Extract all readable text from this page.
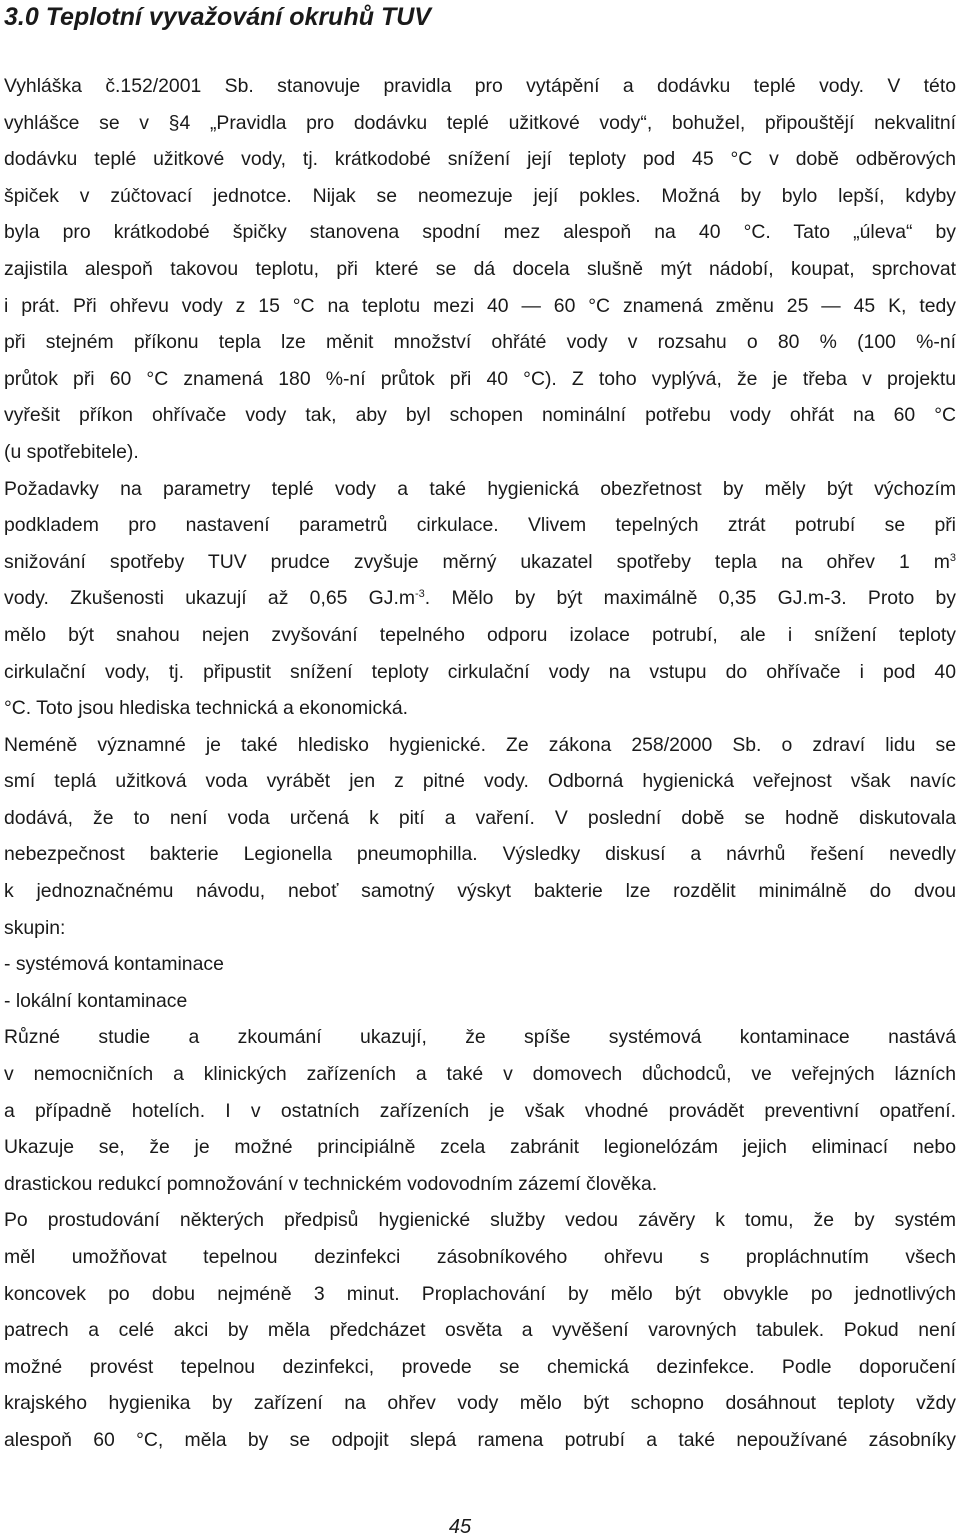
3.0 Teplotní vyvažování okruhů TUV

Vyhláška č.152/2001 Sb. stanovuje pravidla pro vytápění a dodávku teplé vody. V této
vyhlášce se v §4 „Pravidla pro dodávku teplé užitkové vody“, bohužel, připouštějí nekvalitní
dodávku teplé užitkové vody, tj. krátkodobé snížení její teploty pod 45 °C v době odběrových
špiček v zúčtovací jednotce. Nijak se neomezuje její pokles. Možná by bylo lepší, kdyby
byla pro krátkodobé špičky stanovena spodní mez alespoň na 40 °C. Tato „úleva“ by
zajistila alespoň takovou teplotu, při které se dá docela slušně mýt nádobí, koupat, sprchovat
i prát. Při ohřevu vody z 15 °C na teplotu mezi 40 — 60 °C znamená změnu 25 — 45 K, tedy
při stejném příkonu tepla lze měnit množství ohřáté vody v rozsahu o 80 % (100 %-ní
průtok při 60 °C znamená 180 %-ní průtok při 40 °C). Z toho vyplývá, že je třeba v projektu
vyřešit příkon ohřívače vody tak, aby byl schopen nominální potřebu vody ohřát na 60 °C
(u spotřebitele).

Požadavky na parametry teplé vody a také hygienická obezřetnost by měly být výchozím
podkladem pro nastavení parametrů cirkulace. Vlivem tepelných ztrát potrubí se při
snižování spotřeby TUV prudce zvyšuje měrný ukazatel spotřeby tepla na ohřev 1 $m^3$
vody. Zkušenosti ukazují až 0,65 $GJ.m^{-3}$. Mělo by být maximálně 0,35 GJ.m-3. Proto by
mělo být snahou nejen zvyšování tepelného odporu izolace potrubí, ale i snížení teploty
cirkulační vody, tj. připustit snížení teploty cirkulační vody na vstupu do ohřívače i pod 40
°C. Toto jsou hlediska technická a ekonomická.

Neméně významné je také hledisko hygienické. Ze zákona 258/2000 Sb. o zdraví lidu se
smí teplá užitková voda vyrábět jen z pitné vody. Odborná hygienická veřejnost však navíc
dodává, že to není voda určená k pití a vaření. V poslední době se hodně diskutovala
nebezpečnost bakterie Legionella pneumophilla. Výsledky diskusí a návrhů řešení nevedly
k jednoznačnému návodu, neboť samotný výskyt bakterie lze rozdělit minimálně do dvou
skupin:

- systémová kontaminace

- lokální kontaminace

Různé studie a zkoumání ukazují, že spíše systémová kontaminace nastává
v nemocničních a klinických zařízeních a také v domovech důchodců, ve veřejných lázních
a případně hotelích. I v ostatních zařízeních je však vhodné provádět preventivní opatření.
Ukazuje se, že je možné principiálně zcela zabránit legionelózám jejich eliminací nebo
drastickou redukcí pomnožování v technickém vodovodním zázemí člověka.

Po prostudování některých předpisů hygienické služby vedou závěry k tomu, že by systém
měl umožňovat tepelnou dezinfekci zásobníkového ohřevu s propláchnutím všech
koncovek po dobu nejméně 3 minut. Proplachování by mělo být obvykle po jednotlivých
patrech a celé akci by měla předcházet osvěta a vyvěšení varovných tabulek. Pokud není
možné provést tepelnou dezinfekci, provede se chemická dezinfekce. Podle doporučení
krajského hygienika by zařízení na ohřev vody mělo být schopno dosáhnout teploty vždy
alespoň 60 °C, měla by se odpojit slepá ramena potrubí a také nepoužívané zásobníky

45
